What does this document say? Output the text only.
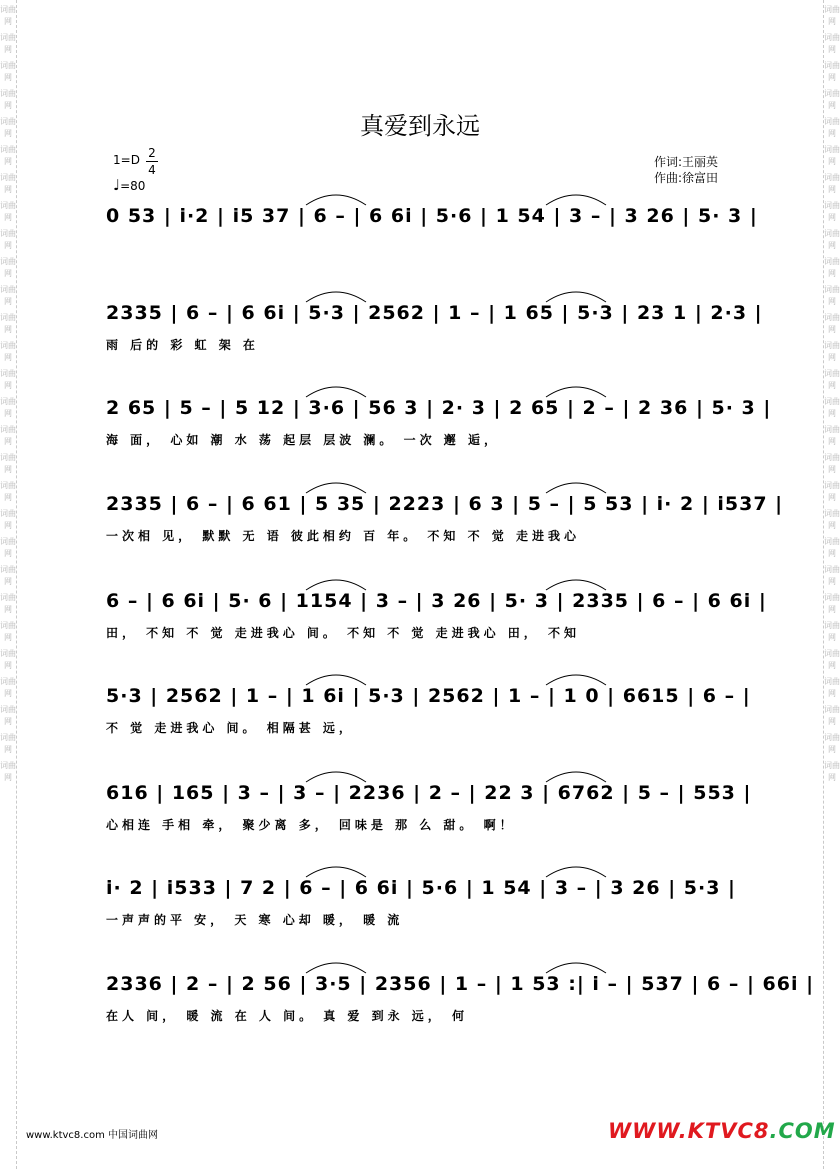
词曲网
词曲网
词曲网
词曲网
词曲网
词曲网
词曲网
词曲网
词曲网
词曲网
词曲网
词曲网
词曲网
词曲网
词曲网
词曲网
词曲网
词曲网
词曲网
词曲网
词曲网
词曲网
词曲网
词曲网
词曲网
词曲网
词曲网
词曲网
词曲网
词曲网
词曲网
词曲网
词曲网
词曲网
词曲网
词曲网
词曲网
词曲网
词曲网
词曲网
词曲网
词曲网
词曲网
词曲网
词曲网
词曲网
词曲网
词曲网
词曲网
词曲网
词曲网
词曲网
词曲网
词曲网
词曲网
词曲网
真爱到永远
1=D 2
4
♩=80
作词:王丽英
作曲:徐富田
0 53 | i·2 | i5 37 | 6 – | 6 6i | 5·6 | 1 54 | 3 – | 3 26 | 5· 3 |
2335 | 6 – | 6 6i | 5·3 | 2562 | 1 – | 1 65 | 5·3 | 23 1 | 2·3 |
雨 后的 彩 虹 架 在
2 65 | 5 – | 5 12 | 3·6 | 56 3 | 2· 3 | 2 65 | 2 – | 2 36 | 5· 3 |
海 面， 心如 潮 水 荡 起层 层波 澜。 一次 邂 逅，
2335 | 6 – | 6 61 | 5 35 | 2223 | 6 3 | 5 – | 5 53 | i· 2 | i537 |
一次相 见， 默默 无 语 彼此相约 百 年。 不知 不 觉 走进我心
6 – | 6 6i | 5· 6 | 1154 | 3 – | 3 26 | 5· 3 | 2335 | 6 – | 6 6i |
田， 不知 不 觉 走进我心 间。 不知 不 觉 走进我心 田， 不知
5·3 | 2562 | 1 – | 1 6i | 5·3 | 2562 | 1 – | 1 0 | 6615 | 6 – |
不 觉 走进我心 间。 相隔甚 远，
616 | 165 | 3 – | 3 – | 2236 | 2 – | 22 3 | 6762 | 5 – | 553 |
心相连 手相 牵， 聚少离 多， 回味是 那 么 甜。 啊！
i· 2 | i533 | 7 2 | 6 – | 6 6i | 5·6 | 1 54 | 3 – | 3 26 | 5·3 |
一声声的平 安， 天 寒 心却 暖， 暖 流
2336 | 2 – | 2 56 | 3·5 | 2356 | 1 – | 1 53 :| i – | 537 | 6 – | 66i |
在人 间， 暖 流 在 人 间。 真 爱 到永 远， 何
www.ktvc8.com 中国词曲网	WWW.KTVC8.COM
